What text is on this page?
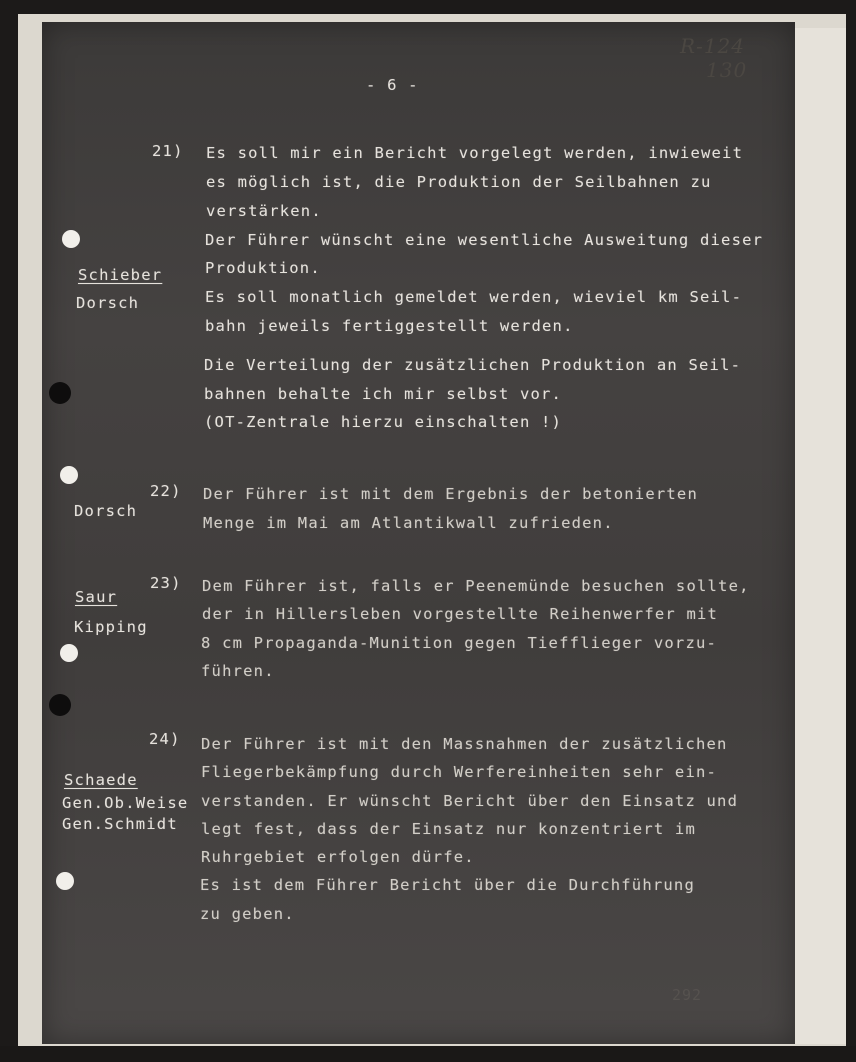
R-124
130
- 6 -
21)
Schieber
Dorsch
Es soll mir ein Bericht vorgelegt werden, inwieweit
es möglich ist, die Produktion der Seilbahnen zu
verstärken.
Der Führer wünscht eine wesentliche Ausweitung dieser
Produktion.
Es soll monatlich gemeldet werden, wieviel km Seil-
bahn jeweils fertiggestellt werden.
Die Verteilung der zusätzlichen Produktion an Seil-
bahnen behalte ich mir selbst vor.
(OT-Zentrale hierzu einschalten !)
22)
Dorsch
Der Führer ist mit dem Ergebnis der betonierten
Menge im Mai am Atlantikwall zufrieden.
23)
Saur
Kipping
Dem Führer ist, falls er Peenemünde besuchen sollte,
der in Hillersleben vorgestellte Reihenwerfer mit
8 cm Propaganda-Munition gegen Tiefflieger vorzu-
führen.
24)
Schaede
Gen.Ob.Weise
Gen.Schmidt
Der Führer ist mit den Massnahmen der zusätzlichen
Fliegerbekämpfung durch Werfereinheiten sehr ein-
verstanden. Er wünscht Bericht über den Einsatz und
legt fest, dass der Einsatz nur konzentriert im
Ruhrgebiet erfolgen dürfe.
Es ist dem Führer Bericht über die Durchführung
zu geben.
292
